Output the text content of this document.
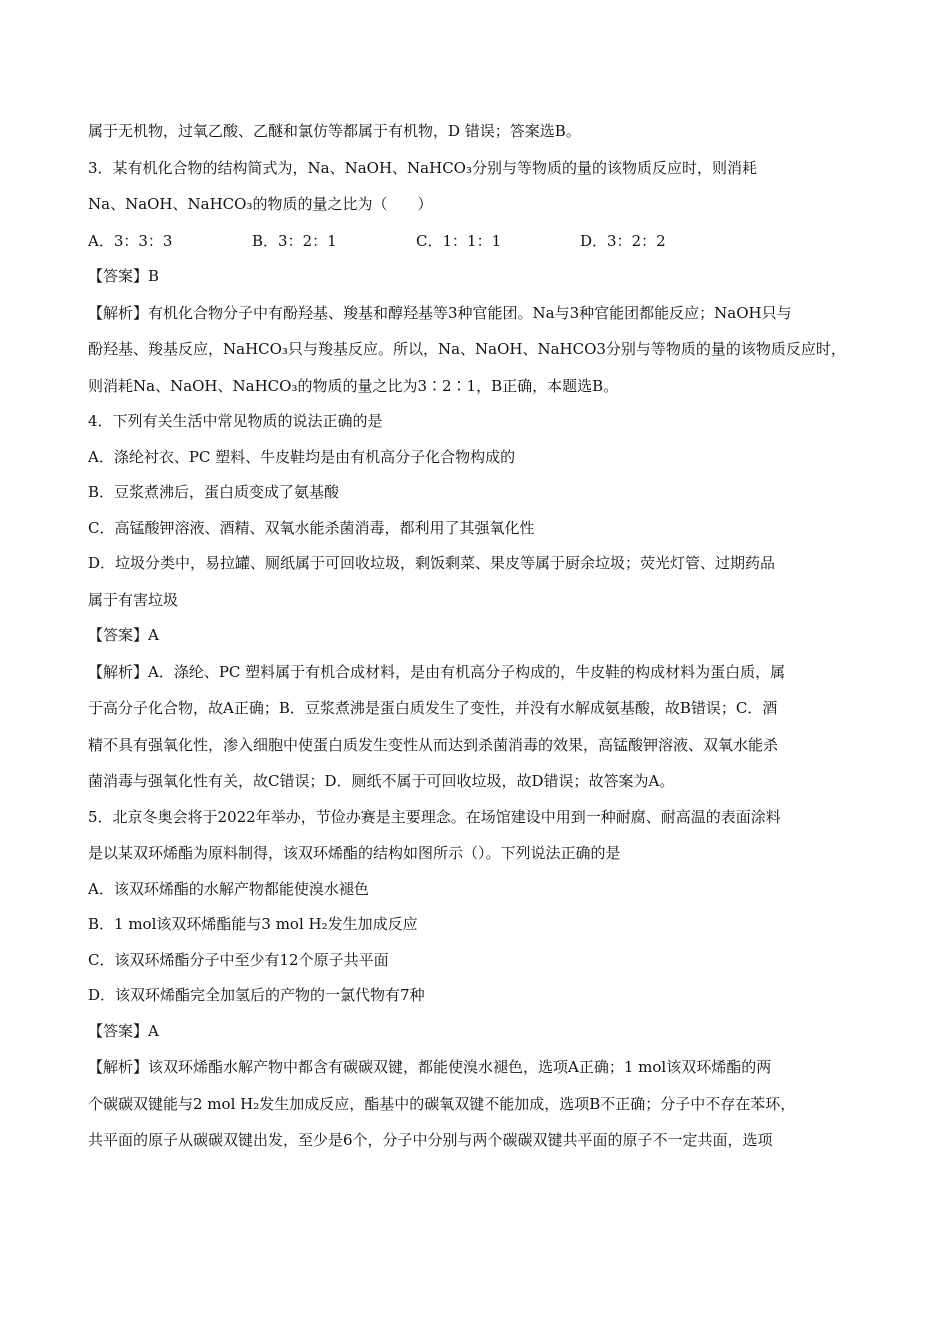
属于无机物，过氧乙酸、乙醚和氯仿等都属于有机物，D 错误；答案选B。

3．某有机化合物的结构简式为，Na、NaOH、NaHCO₃分别与等物质的量的该物质反应时，则消耗

Na、NaOH、NaHCO₃的物质的量之比为（　　）

A．3：3：3	B．3：2：1	C．1：1：1	D．3：2：2

【答案】B

【解析】有机化合物分子中有酚羟基、羧基和醇羟基等3种官能团。Na与3种官能团都能反应；NaOH只与

酚羟基、羧基反应，NaHCO₃只与羧基反应。所以，Na、NaOH、NaHCO3分别与等物质的量的该物质反应时，

则消耗Na、NaOH、NaHCO₃的物质的量之比为3∶2∶1，B正确，本题选B。

4．下列有关生活中常见物质的说法正确的是

A．涤纶衬衣、PC 塑料、牛皮鞋均是由有机高分子化合物构成的

B．豆浆煮沸后，蛋白质变成了氨基酸

C．高锰酸钾溶液、酒精、双氧水能杀菌消毒，都利用了其强氧化性

D．垃圾分类中，易拉罐、厕纸属于可回收垃圾，剩饭剩菜、果皮等属于厨余垃圾；荧光灯管、过期药品

属于有害垃圾

【答案】A

【解析】A．涤纶、PC 塑料属于有机合成材料，是由有机高分子构成的，牛皮鞋的构成材料为蛋白质，属

于高分子化合物，故A正确；B．豆浆煮沸是蛋白质发生了变性，并没有水解成氨基酸，故B错误；C．酒

精不具有强氧化性，渗入细胞中使蛋白质发生变性从而达到杀菌消毒的效果，高锰酸钾溶液、双氧水能杀

菌消毒与强氧化性有关，故C错误；D．厕纸不属于可回收垃圾，故D错误；故答案为A。

5．北京冬奥会将于2022年举办，节俭办赛是主要理念。在场馆建设中用到一种耐腐、耐高温的表面涂料

是以某双环烯酯为原料制得，该双环烯酯的结构如图所示（）。下列说法正确的是

A．该双环烯酯的水解产物都能使溴水褪色

B．1 mol该双环烯酯能与3 mol H₂发生加成反应

C．该双环烯酯分子中至少有12个原子共平面

D．该双环烯酯完全加氢后的产物的一氯代物有7种

【答案】A

【解析】该双环烯酯水解产物中都含有碳碳双键，都能使溴水褪色，选项A正确；1 mol该双环烯酯的两

个碳碳双键能与2 mol H₂发生加成反应，酯基中的碳氧双键不能加成，选项B不正确；分子中不存在苯环，

共平面的原子从碳碳双键出发，至少是6个，分子中分别与两个碳碳双键共平面的原子不一定共面，选项
